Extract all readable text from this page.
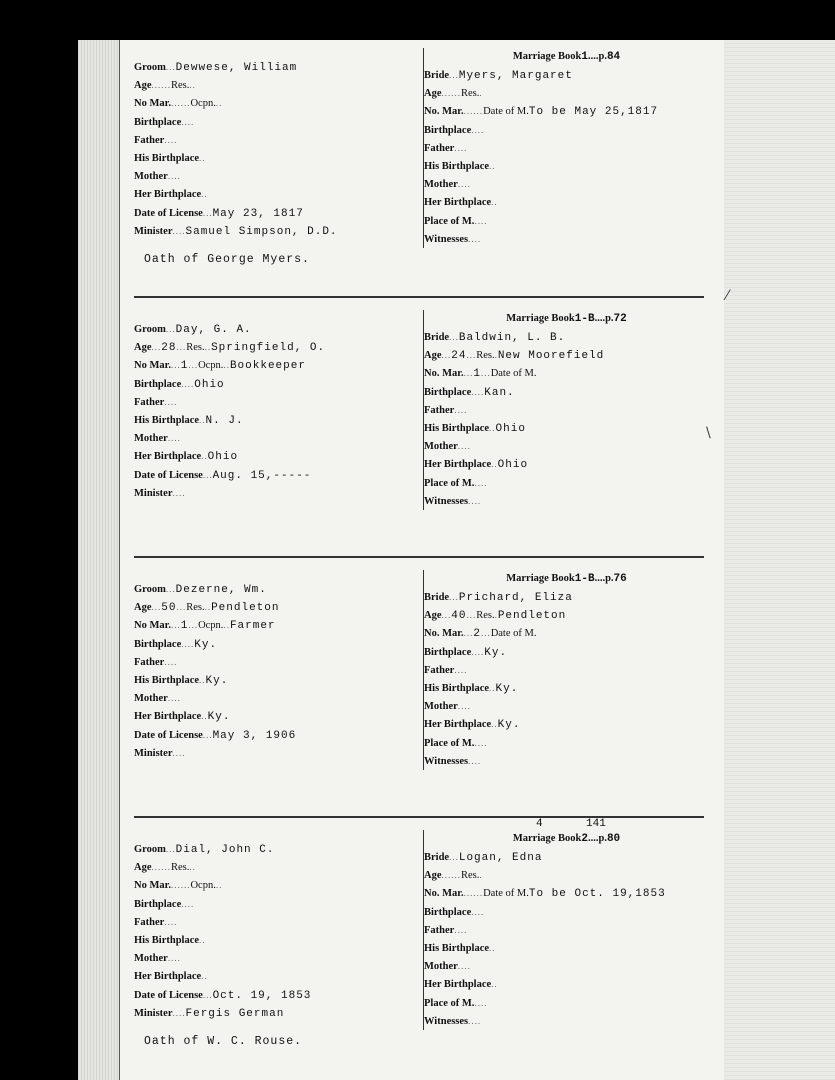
Groom...Dewwese, William
Age......Res...
No Mar.......Ocpn...
Birthplace....
Father....
His Birthplace..
Mother....
Her Birthplace..
Date of License...May 23, 1817
Minister....Samuel Simpson, D.D.
Marriage Book1....p.84
Bride...Myers, Margaret
Age......Res..
No. Mar.......Date of M.To be May 25,1817
Birthplace....
Father....
His Birthplace..
Mother....
Her Birthplace..
Place of M.....
Witnesses....
Oath of George Myers.
Groom...Day, G. A.
Age...28...Res...Springfield, O.
No Mar....1...Ocpn...Bookkeeper
Birthplace....Ohio
Father....
His Birthplace..N. J.
Mother....
Her Birthplace..Ohio
Date of License...Aug. 15,-----
Minister....
Marriage Book1-B....p.72
Bride...Baldwin, L. B.
Age...24...Res..New Moorefield
No. Mar....1...Date of M.
Birthplace....Kan.
Father....
His Birthplace..Ohio
Mother....
Her Birthplace..Ohio
Place of M.....
Witnesses....
Groom...Dezerne, Wm.
Age...50...Res...Pendleton
No Mar....1...Ocpn...Farmer
Birthplace....Ky.
Father....
His Birthplace..Ky.
Mother....
Her Birthplace..Ky.
Date of License...May 3, 1906
Minister....
Marriage Book1-B....p.76
Bride...Prichard, Eliza
Age...40...Res..Pendleton
No. Mar....2...Date of M.
Birthplace....Ky.
Father....
His Birthplace..Ky.
Mother....
Her Birthplace..Ky.
Place of M.....
Witnesses....
Groom...Dial, John C.
Age......Res...
No Mar.......Ocpn...
Birthplace....
Father....
His Birthplace..
Mother....
Her Birthplace..
Date of License...Oct. 19, 1853
Minister....Fergis German
Marriage Book2....p.80
4	141
Bride...Logan, Edna
Age......Res..
No. Mar.......Date of M.To be Oct. 19,1853
Birthplace....
Father....
His Birthplace..
Mother....
Her Birthplace..
Place of M.....
Witnesses....
Oath of W. C. Rouse.
⁄
\
